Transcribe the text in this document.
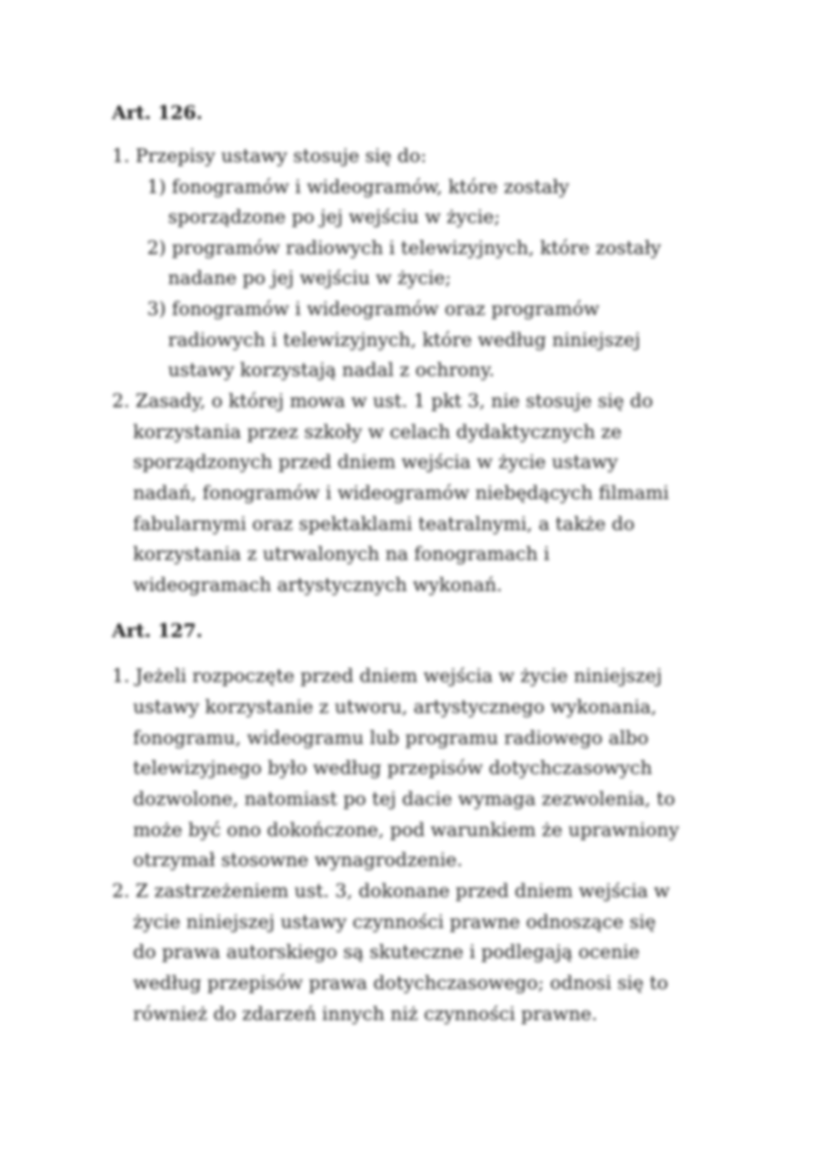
Art. 126.
1. Przepisy ustawy stosuje się do:
1) fonogramów i wideogramów, które zostały
sporządzone po jej wejściu w życie;
2) programów radiowych i telewizyjnych, które zostały
nadane po jej wejściu w życie;
3) fonogramów i wideogramów oraz programów
radiowych i telewizyjnych, które według niniejszej
ustawy korzystają nadal z ochrony.
2. Zasady, o której mowa w ust. 1 pkt 3, nie stosuje się do
korzystania przez szkoły w celach dydaktycznych ze
sporządzonych przed dniem wejścia w życie ustawy
nadań, fonogramów i wideogramów niebędących filmami
fabularnymi oraz spektaklami teatralnymi, a także do
korzystania z utrwalonych na fonogramach i
wideogramach artystycznych wykonań.
Art. 127.
1. Jeżeli rozpoczęte przed dniem wejścia w życie niniejszej
ustawy korzystanie z utworu, artystycznego wykonania,
fonogramu, wideogramu lub programu radiowego albo
telewizyjnego było według przepisów dotychczasowych
dozwolone, natomiast po tej dacie wymaga zezwolenia, to
może być ono dokończone, pod warunkiem że uprawniony
otrzymał stosowne wynagrodzenie.
2. Z zastrzeżeniem ust. 3, dokonane przed dniem wejścia w
życie niniejszej ustawy czynności prawne odnoszące się
do prawa autorskiego są skuteczne i podlegają ocenie
według przepisów prawa dotychczasowego; odnosi się to
również do zdarzeń innych niż czynności prawne.
